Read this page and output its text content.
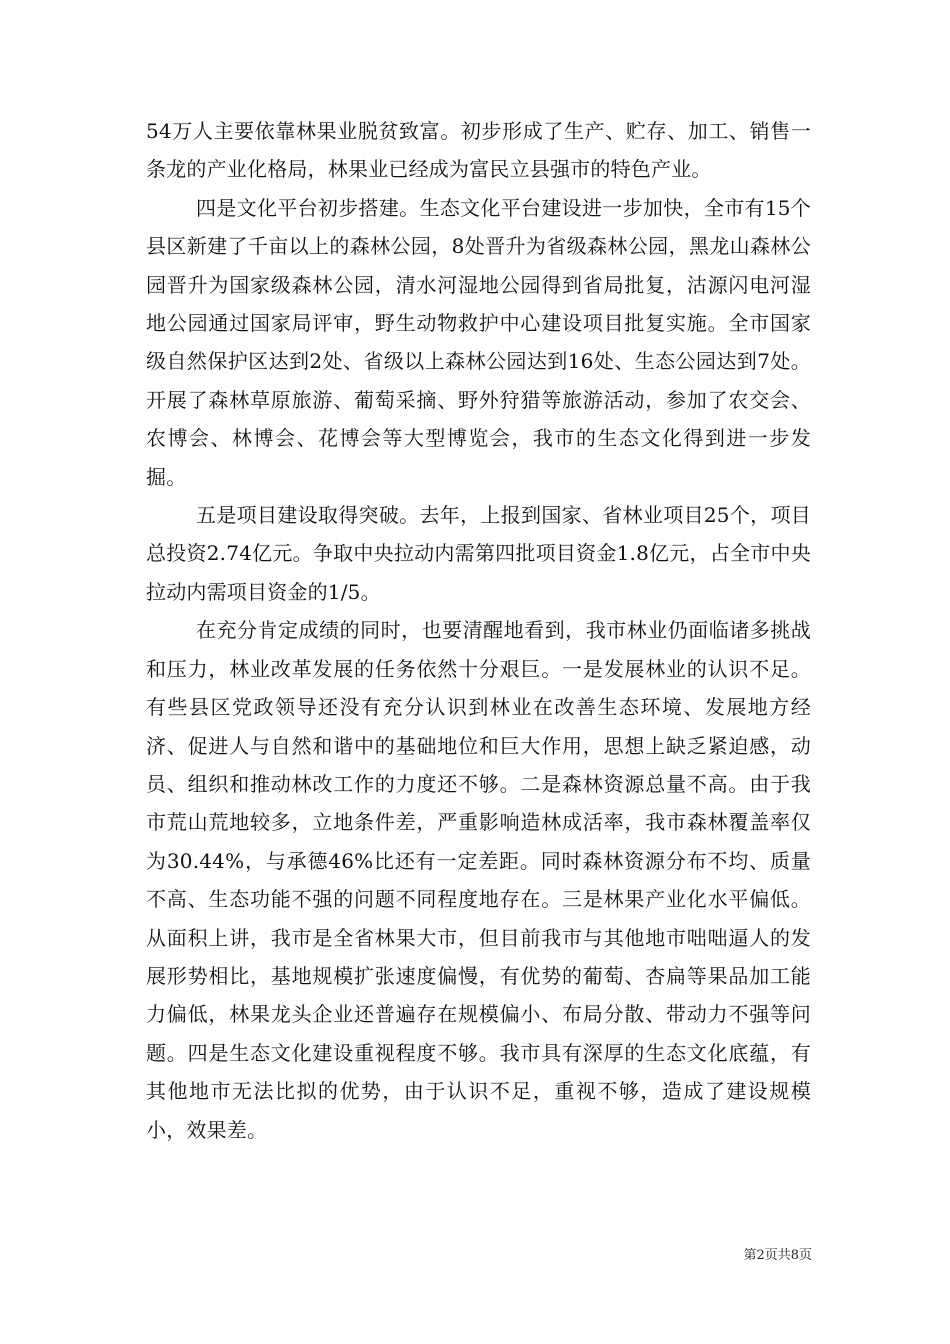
54万人主要依靠林果业脱贫致富。初步形成了生产、贮存、加工、销售一条龙的产业化格局，林果业已经成为富民立县强市的特色产业。

四是文化平台初步搭建。生态文化平台建设进一步加快，全市有15个县区新建了千亩以上的森林公园，8处晋升为省级森林公园，黑龙山森林公园晋升为国家级森林公园，清水河湿地公园得到省局批复，沽源闪电河湿地公园通过国家局评审，野生动物救护中心建设项目批复实施。全市国家级自然保护区达到2处、省级以上森林公园达到16处、生态公园达到7处。开展了森林草原旅游、葡萄采摘、野外狩猎等旅游活动，参加了农交会、农博会、林博会、花博会等大型博览会，我市的生态文化得到进一步发掘。

五是项目建设取得突破。去年，上报到国家、省林业项目25个，项目总投资2.74亿元。争取中央拉动内需第四批项目资金1.8亿元，占全市中央拉动内需项目资金的1/5。

在充分肯定成绩的同时，也要清醒地看到，我市林业仍面临诸多挑战和压力，林业改革发展的任务依然十分艰巨。一是发展林业的认识不足。有些县区党政领导还没有充分认识到林业在改善生态环境、发展地方经济、促进人与自然和谐中的基础地位和巨大作用，思想上缺乏紧迫感，动员、组织和推动林改工作的力度还不够。二是森林资源总量不高。由于我市荒山荒地较多，立地条件差，严重影响造林成活率，我市森林覆盖率仅为30.44%，与承德46%比还有一定差距。同时森林资源分布不均、质量不高、生态功能不强的问题不同程度地存在。三是林果产业化水平偏低。从面积上讲，我市是全省林果大市，但目前我市与其他地市咄咄逼人的发展形势相比，基地规模扩张速度偏慢，有优势的葡萄、杏扁等果品加工能力偏低，林果龙头企业还普遍存在规模偏小、布局分散、带动力不强等问题。四是生态文化建设重视程度不够。我市具有深厚的生态文化底蕴，有其他地市无法比拟的优势，由于认识不足，重视不够，造成了建设规模小，效果差。

第2页共8页
